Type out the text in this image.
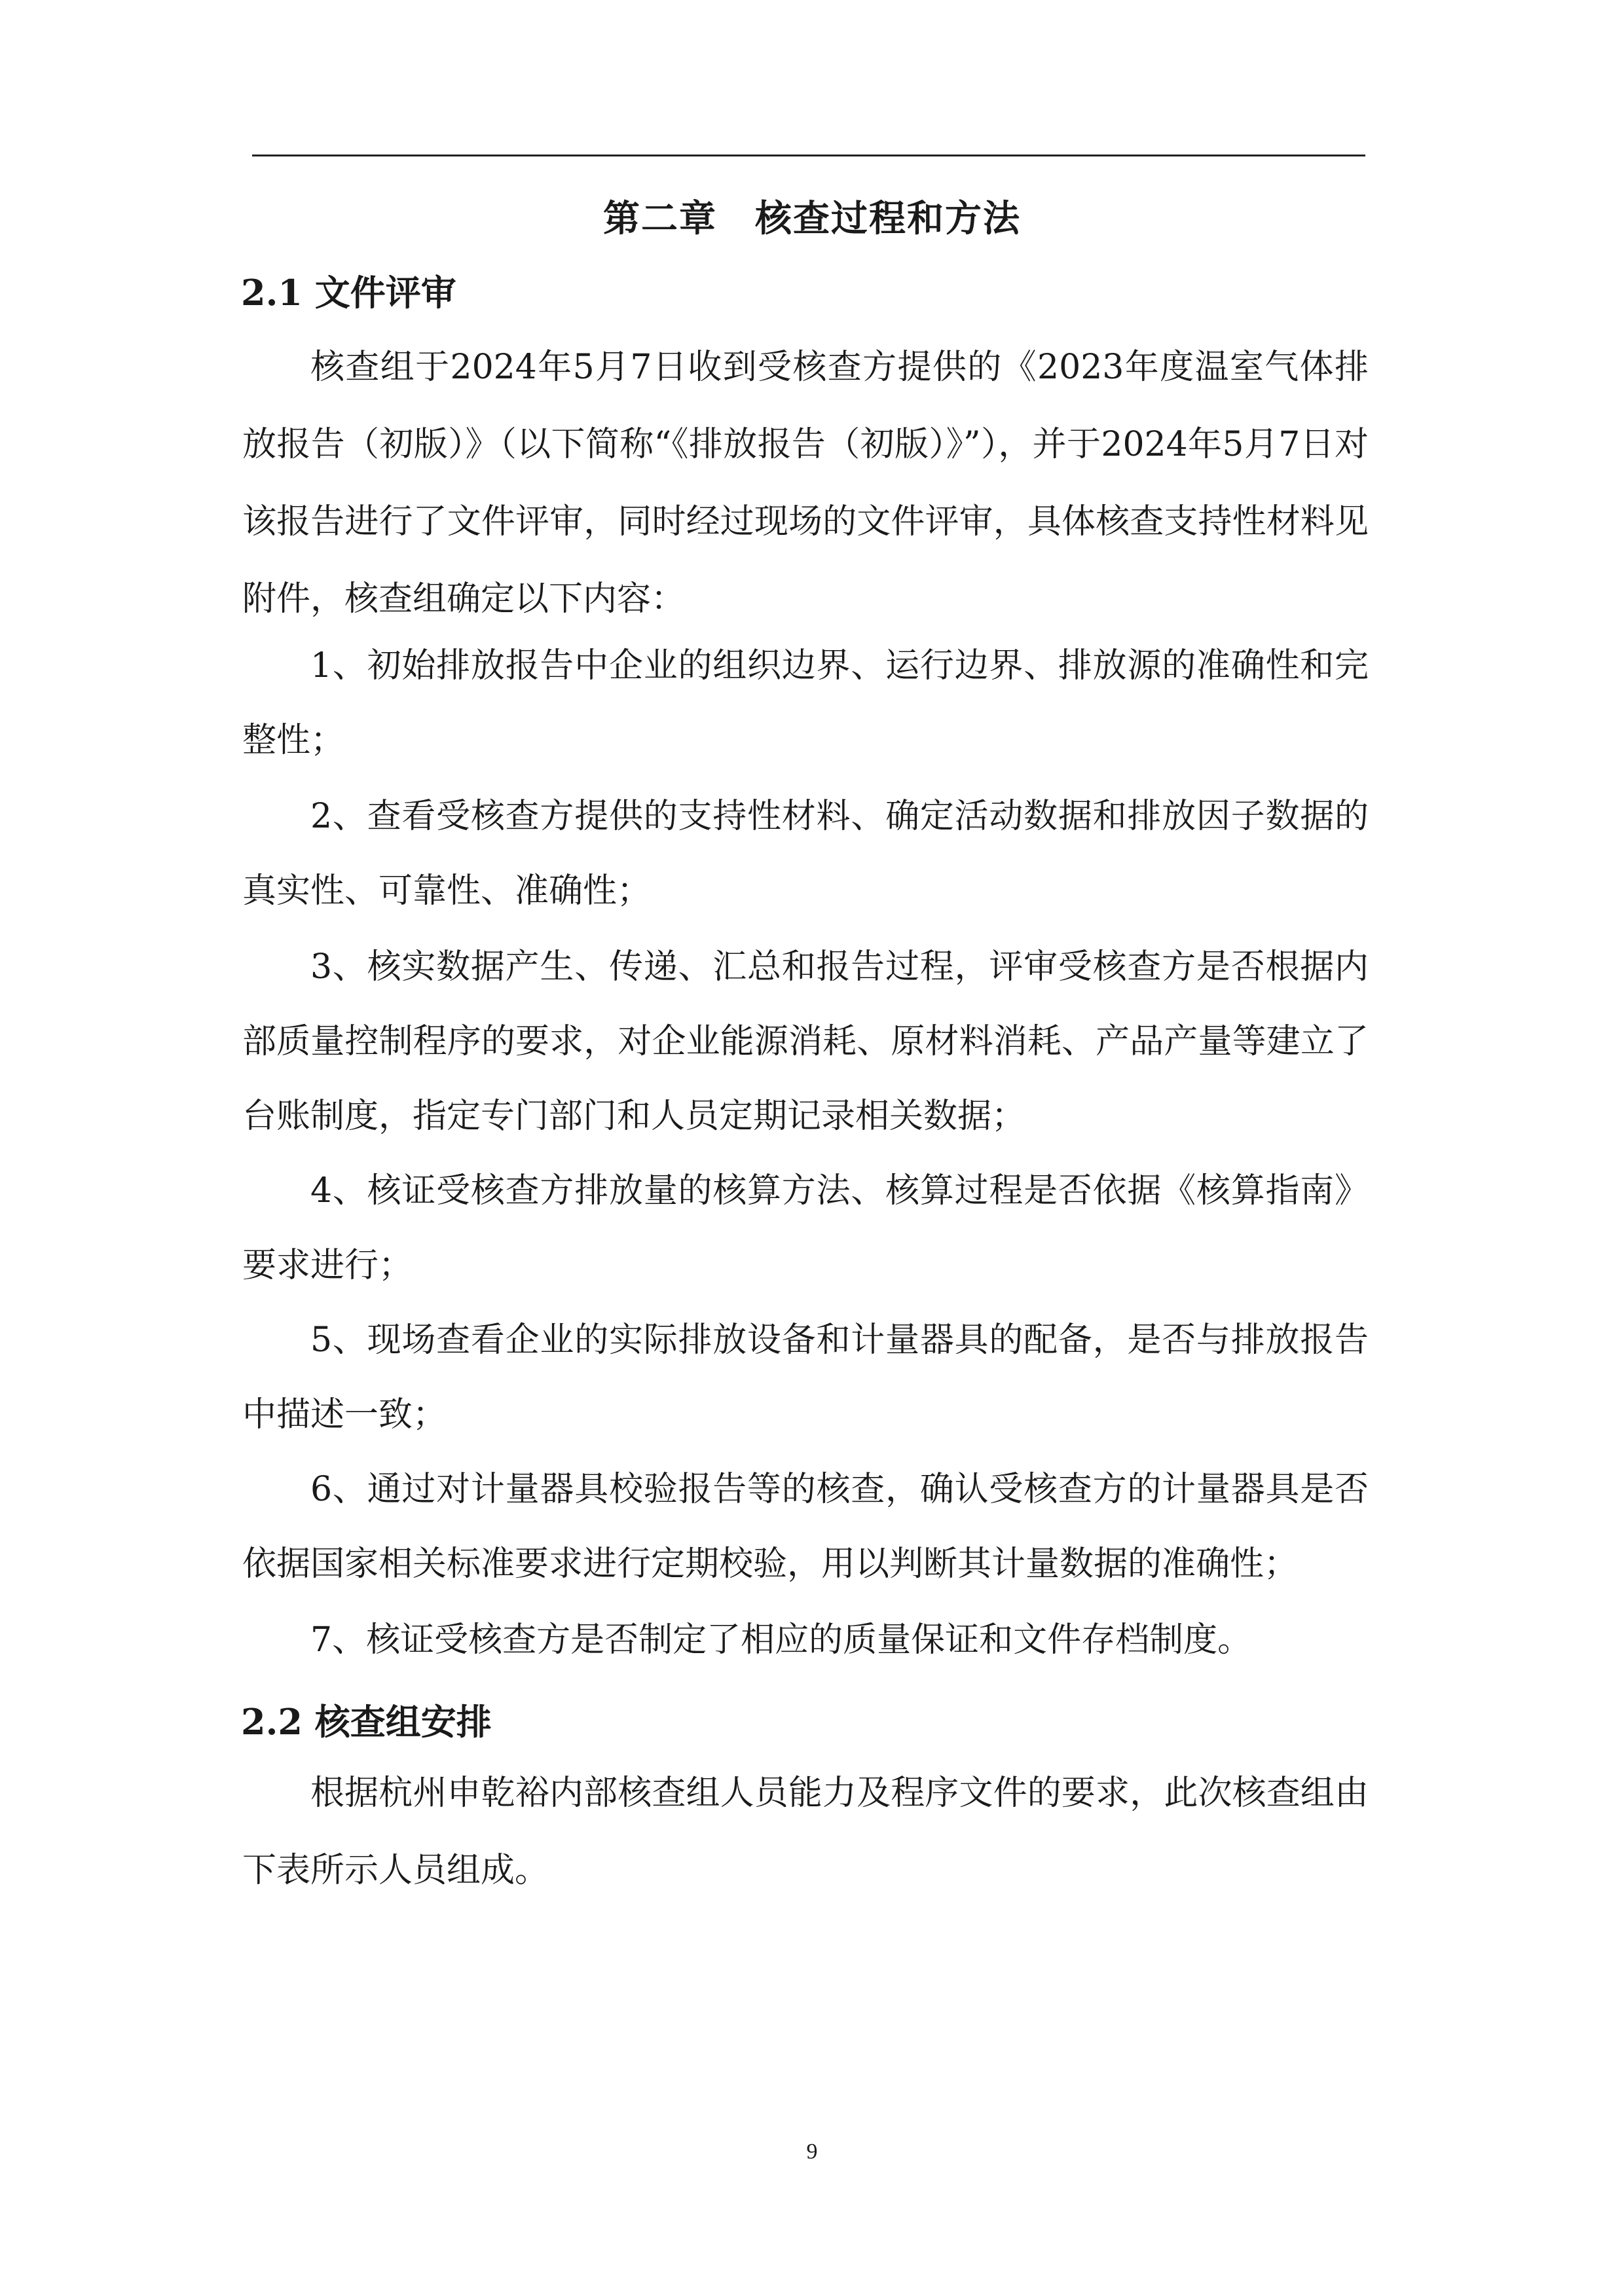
第二章　核查过程和方法
2.1 文件评审

核查组于2024年5月7日收到受核查方提供的《2023年度温室气体排放报告（初版）》（以下简称“《排放报告（初版）》”），并于2024年5月7日对该报告进行了文件评审，同时经过现场的文件评审，具体核查支持性材料见附件，核查组确定以下内容：

1、初始排放报告中企业的组织边界、运行边界、排放源的准确性和完整性；

2、查看受核查方提供的支持性材料、确定活动数据和排放因子数据的真实性、可靠性、准确性；

3、核实数据产生、传递、汇总和报告过程，评审受核查方是否根据内部质量控制程序的要求，对企业能源消耗、原材料消耗、产品产量等建立了台账制度，指定专门部门和人员定期记录相关数据；

4、核证受核查方排放量的核算方法、核算过程是否依据《核算指南》要求进行；

5、现场查看企业的实际排放设备和计量器具的配备，是否与排放报告中描述一致；

6、通过对计量器具校验报告等的核查，确认受核查方的计量器具是否依据国家相关标准要求进行定期校验，用以判断其计量数据的准确性；

7、核证受核查方是否制定了相应的质量保证和文件存档制度。

2.2 核查组安排

根据杭州申乾裕内部核查组人员能力及程序文件的要求，此次核查组由下表所示人员组成。

9
